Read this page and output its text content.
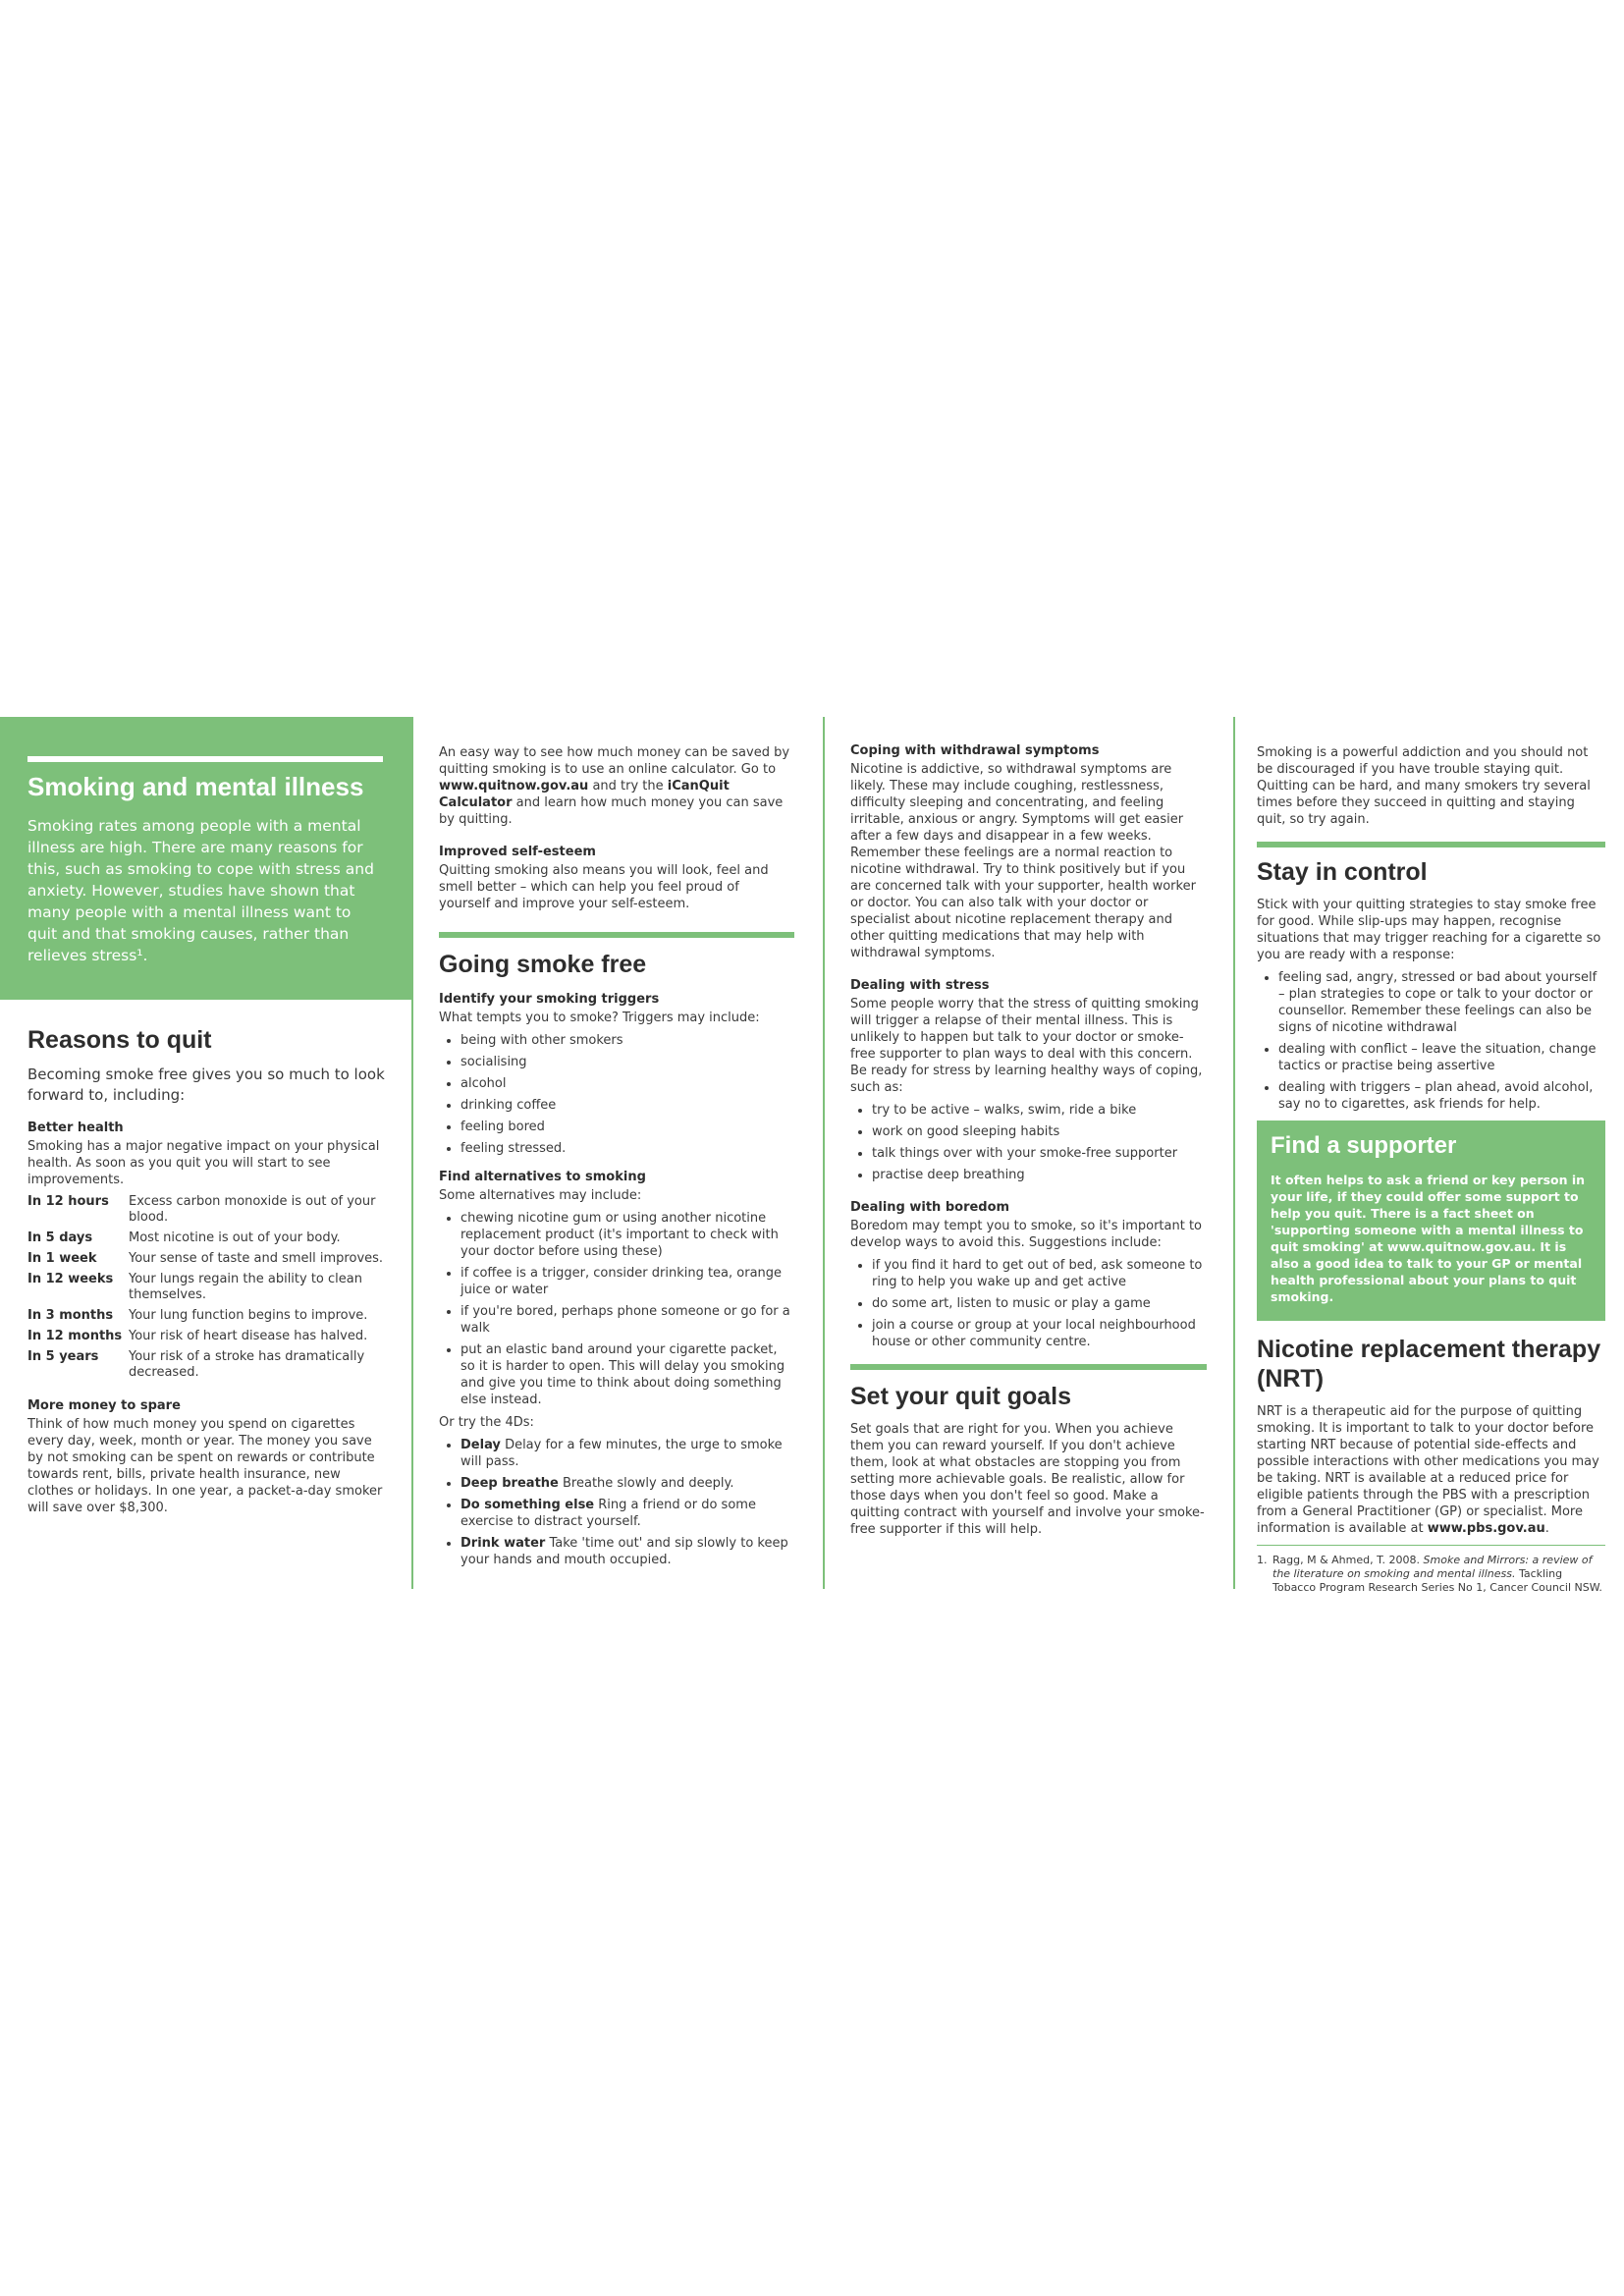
Smoking and mental illness

Smoking rates among people with a mental illness are high. There are many reasons for this, such as smoking to cope with stress and anxiety. However, studies have shown that many people with a mental illness want to quit and that smoking causes, rather than relieves stress¹.

Reasons to quit

Becoming smoke free gives you so much to look forward to, including:

Better health

Smoking has a major negative impact on your physical health. As soon as you quit you will start to see improvements.

In 12 hours	Excess carbon monoxide is out of your blood.
In 5 days	Most nicotine is out of your body.
In 1 week	Your sense of taste and smell improves.
In 12 weeks	Your lungs regain the ability to clean themselves.
In 3 months	Your lung function begins to improve.
In 12 months	Your risk of heart disease has halved.
In 5 years	Your risk of a stroke has dramatically decreased.
More money to spare

Think of how much money you spend on cigarettes every day, week, month or year. The money you save by not smoking can be spent on rewards or contribute towards rent, bills, private health insurance, new clothes or holidays. In one year, a packet-a-day smoker will save over $8,300.

An easy way to see how much money can be saved by quitting smoking is to use an online calculator. Go to www.quitnow.gov.au and try the iCanQuit Calculator and learn how much money you can save by quitting.

Improved self-esteem

Quitting smoking also means you will look, feel and smell better – which can help you feel proud of yourself and improve your self-esteem.

Going smoke free
Identify your smoking triggers

What tempts you to smoke? Triggers may include:

• being with other smokers
• socialising
• alcohol
• drinking coffee
• feeling bored
• feeling stressed.
Find alternatives to smoking

Some alternatives may include:

• chewing nicotine gum or using another nicotine replacement product (it's important to check with your doctor before using these)
• if coffee is a trigger, consider drinking tea, orange juice or water
• if you're bored, perhaps phone someone or go for a walk
• put an elastic band around your cigarette packet, so it is harder to open. This will delay you smoking and give you time to think about doing something else instead.

Or try the 4Ds:

• Delay Delay for a few minutes, the urge to smoke will pass.
• Deep breathe Breathe slowly and deeply.
• Do something else Ring a friend or do some exercise to distract yourself.
• Drink water Take 'time out' and sip slowly to keep your hands and mouth occupied.
Coping with withdrawal symptoms

Nicotine is addictive, so withdrawal symptoms are likely. These may include coughing, restlessness, difficulty sleeping and concentrating, and feeling irritable, anxious or angry. Symptoms will get easier after a few days and disappear in a few weeks. Remember these feelings are a normal reaction to nicotine withdrawal. Try to think positively but if you are concerned talk with your supporter, health worker or doctor. You can also talk with your doctor or specialist about nicotine replacement therapy and other quitting medications that may help with withdrawal symptoms.

Dealing with stress

Some people worry that the stress of quitting smoking will trigger a relapse of their mental illness. This is unlikely to happen but talk to your doctor or smoke-free supporter to plan ways to deal with this concern. Be ready for stress by learning healthy ways of coping, such as:

• try to be active – walks, swim, ride a bike
• work on good sleeping habits
• talk things over with your smoke-free supporter
• practise deep breathing
Dealing with boredom

Boredom may tempt you to smoke, so it's important to develop ways to avoid this. Suggestions include:

• if you find it hard to get out of bed, ask someone to ring to help you wake up and get active
• do some art, listen to music or play a game
• join a course or group at your local neighbourhood house or other community centre.
Set your quit goals

Set goals that are right for you. When you achieve them you can reward yourself. If you don't achieve them, look at what obstacles are stopping you from setting more achievable goals. Be realistic, allow for those days when you don't feel so good. Make a quitting contract with yourself and involve your smoke-free supporter if this will help.

Smoking is a powerful addiction and you should not be discouraged if you have trouble staying quit. Quitting can be hard, and many smokers try several times before they succeed in quitting and staying quit, so try again.

Stay in control

Stick with your quitting strategies to stay smoke free for good. While slip-ups may happen, recognise situations that may trigger reaching for a cigarette so you are ready with a response:

• feeling sad, angry, stressed or bad about yourself – plan strategies to cope or talk to your doctor or counsellor. Remember these feelings can also be signs of nicotine withdrawal
• dealing with conflict – leave the situation, change tactics or practise being assertive
• dealing with triggers – plan ahead, avoid alcohol, say no to cigarettes, ask friends for help.
Find a supporter

It often helps to ask a friend or key person in your life, if they could offer some support to help you quit. There is a fact sheet on 'supporting someone with a mental illness to quit smoking' at www.quitnow.gov.au. It is also a good idea to talk to your GP or mental health professional about your plans to quit smoking.

Nicotine replacement therapy (NRT)

NRT is a therapeutic aid for the purpose of quitting smoking. It is important to talk to your doctor before starting NRT because of potential side-effects and possible interactions with other medications you may be taking. NRT is available at a reduced price for eligible patients through the PBS with a prescription from a General Practitioner (GP) or specialist. More information is available at www.pbs.gov.au.

1. Ragg, M & Ahmed, T. 2008. Smoke and Mirrors: a review of the literature on smoking and mental illness. Tackling Tobacco Program Research Series No 1, Cancer Council NSW.
